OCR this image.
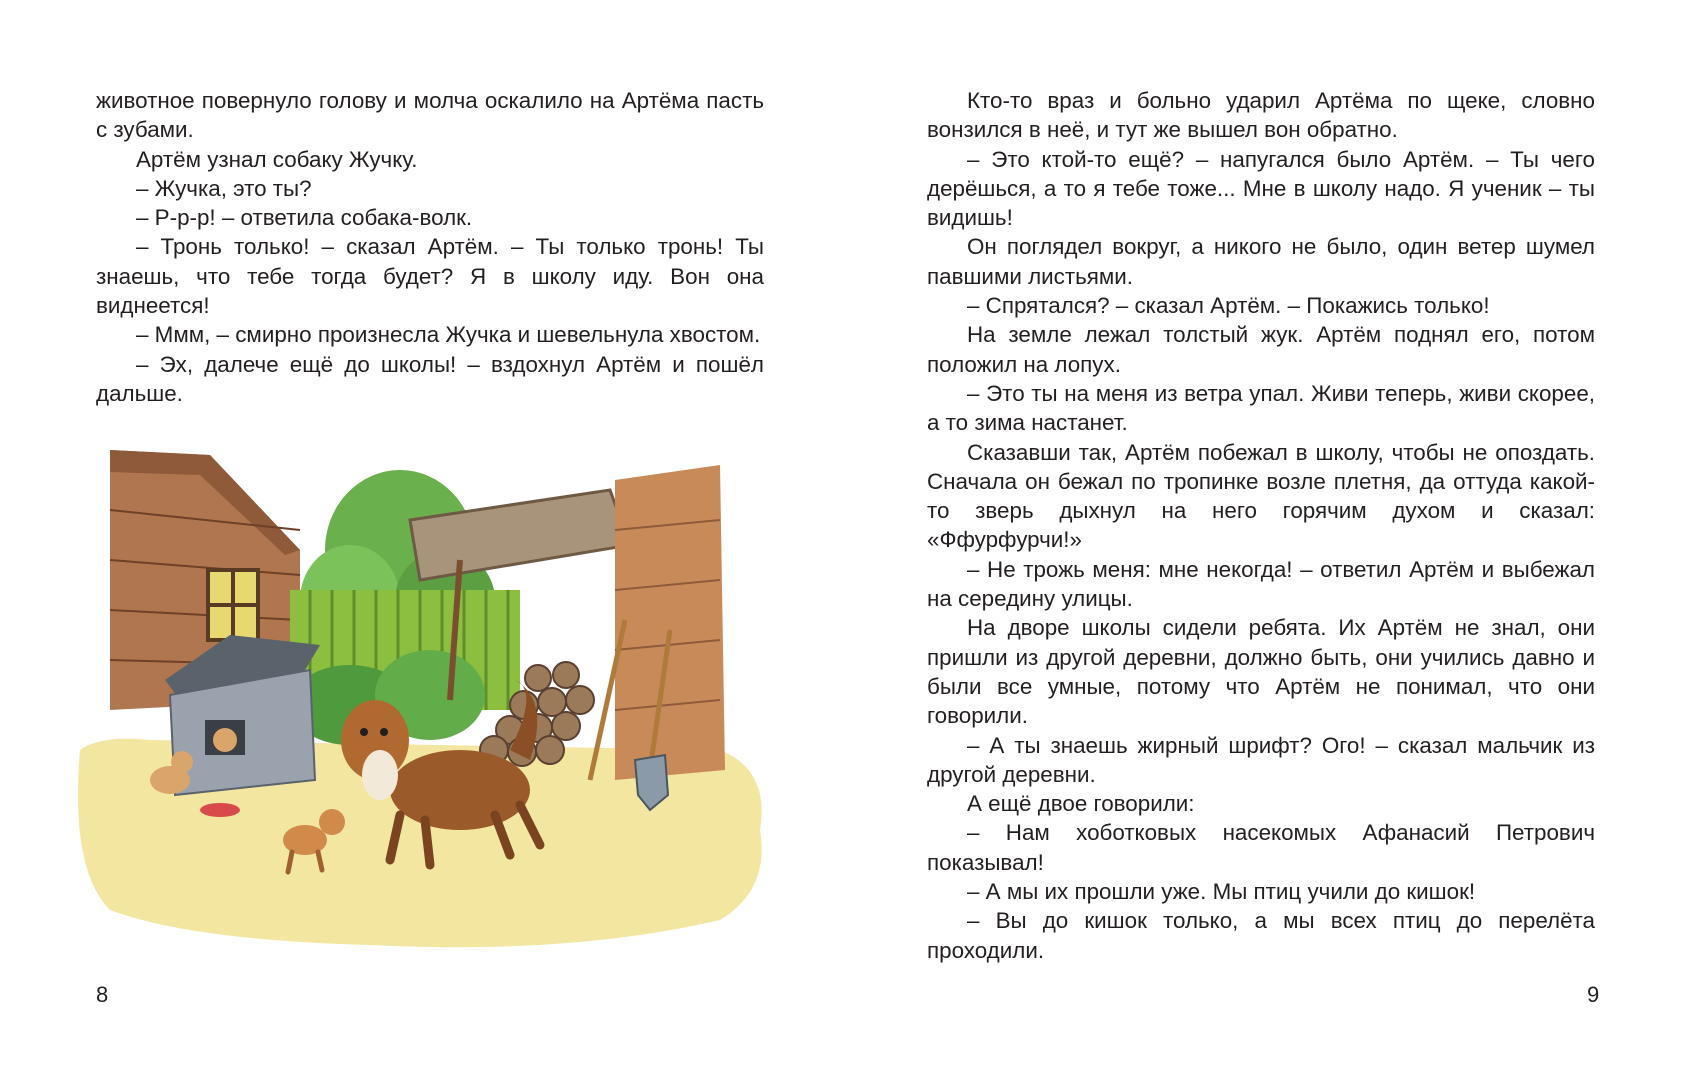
животное повернуло голову и молча оскалило на Артёма пасть с зубами.

Артём узнал собаку Жучку.

– Жучка, это ты?

– Р-р-р! – ответила собака-волк.

– Тронь только! – сказал Артём. – Ты только тронь! Ты знаешь, что тебе тогда будет? Я в школу иду. Вон она виднеется!

– Ммм, – смирно произнесла Жучка и шевельнула хвостом.

– Эх, далече ещё до школы! – вздохнул Артём и пошёл дальше.

8

Кто-то враз и больно ударил Артёма по щеке, словно вонзился в неё, и тут же вышел вон обратно.

– Это ктой-то ещё? – напугался было Артём. – Ты чего дерёшься, а то я тебе тоже... Мне в школу надо. Я ученик – ты видишь!

Он поглядел вокруг, а никого не было, один ветер шумел павшими листьями.

– Спрятался? – сказал Артём. – Покажись только!

На земле лежал толстый жук. Артём поднял его, потом положил на лопух.

– Это ты на меня из ветра упал. Живи теперь, живи скорее, а то зима настанет.

Сказавши так, Артём побежал в школу, чтобы не опоздать. Сначала он бежал по тропинке возле плетня, да оттуда какой-то зверь дыхнул на него горячим духом и сказал: «Ффурфурчи!»

– Не трожь меня: мне некогда! – ответил Артём и выбежал на середину улицы.

На дворе школы сидели ребята. Их Артём не знал, они пришли из другой деревни, должно быть, они учились давно и были все умные, потому что Артём не понимал, что они говорили.

– А ты знаешь жирный шрифт? Ого! – сказал мальчик из другой деревни.

А ещё двое говорили:

– Нам хоботковых насекомых Афанасий Петрович показывал!

– А мы их прошли уже. Мы птиц учили до кишок!

– Вы до кишок только, а мы всех птиц до перелёта проходили.

9
